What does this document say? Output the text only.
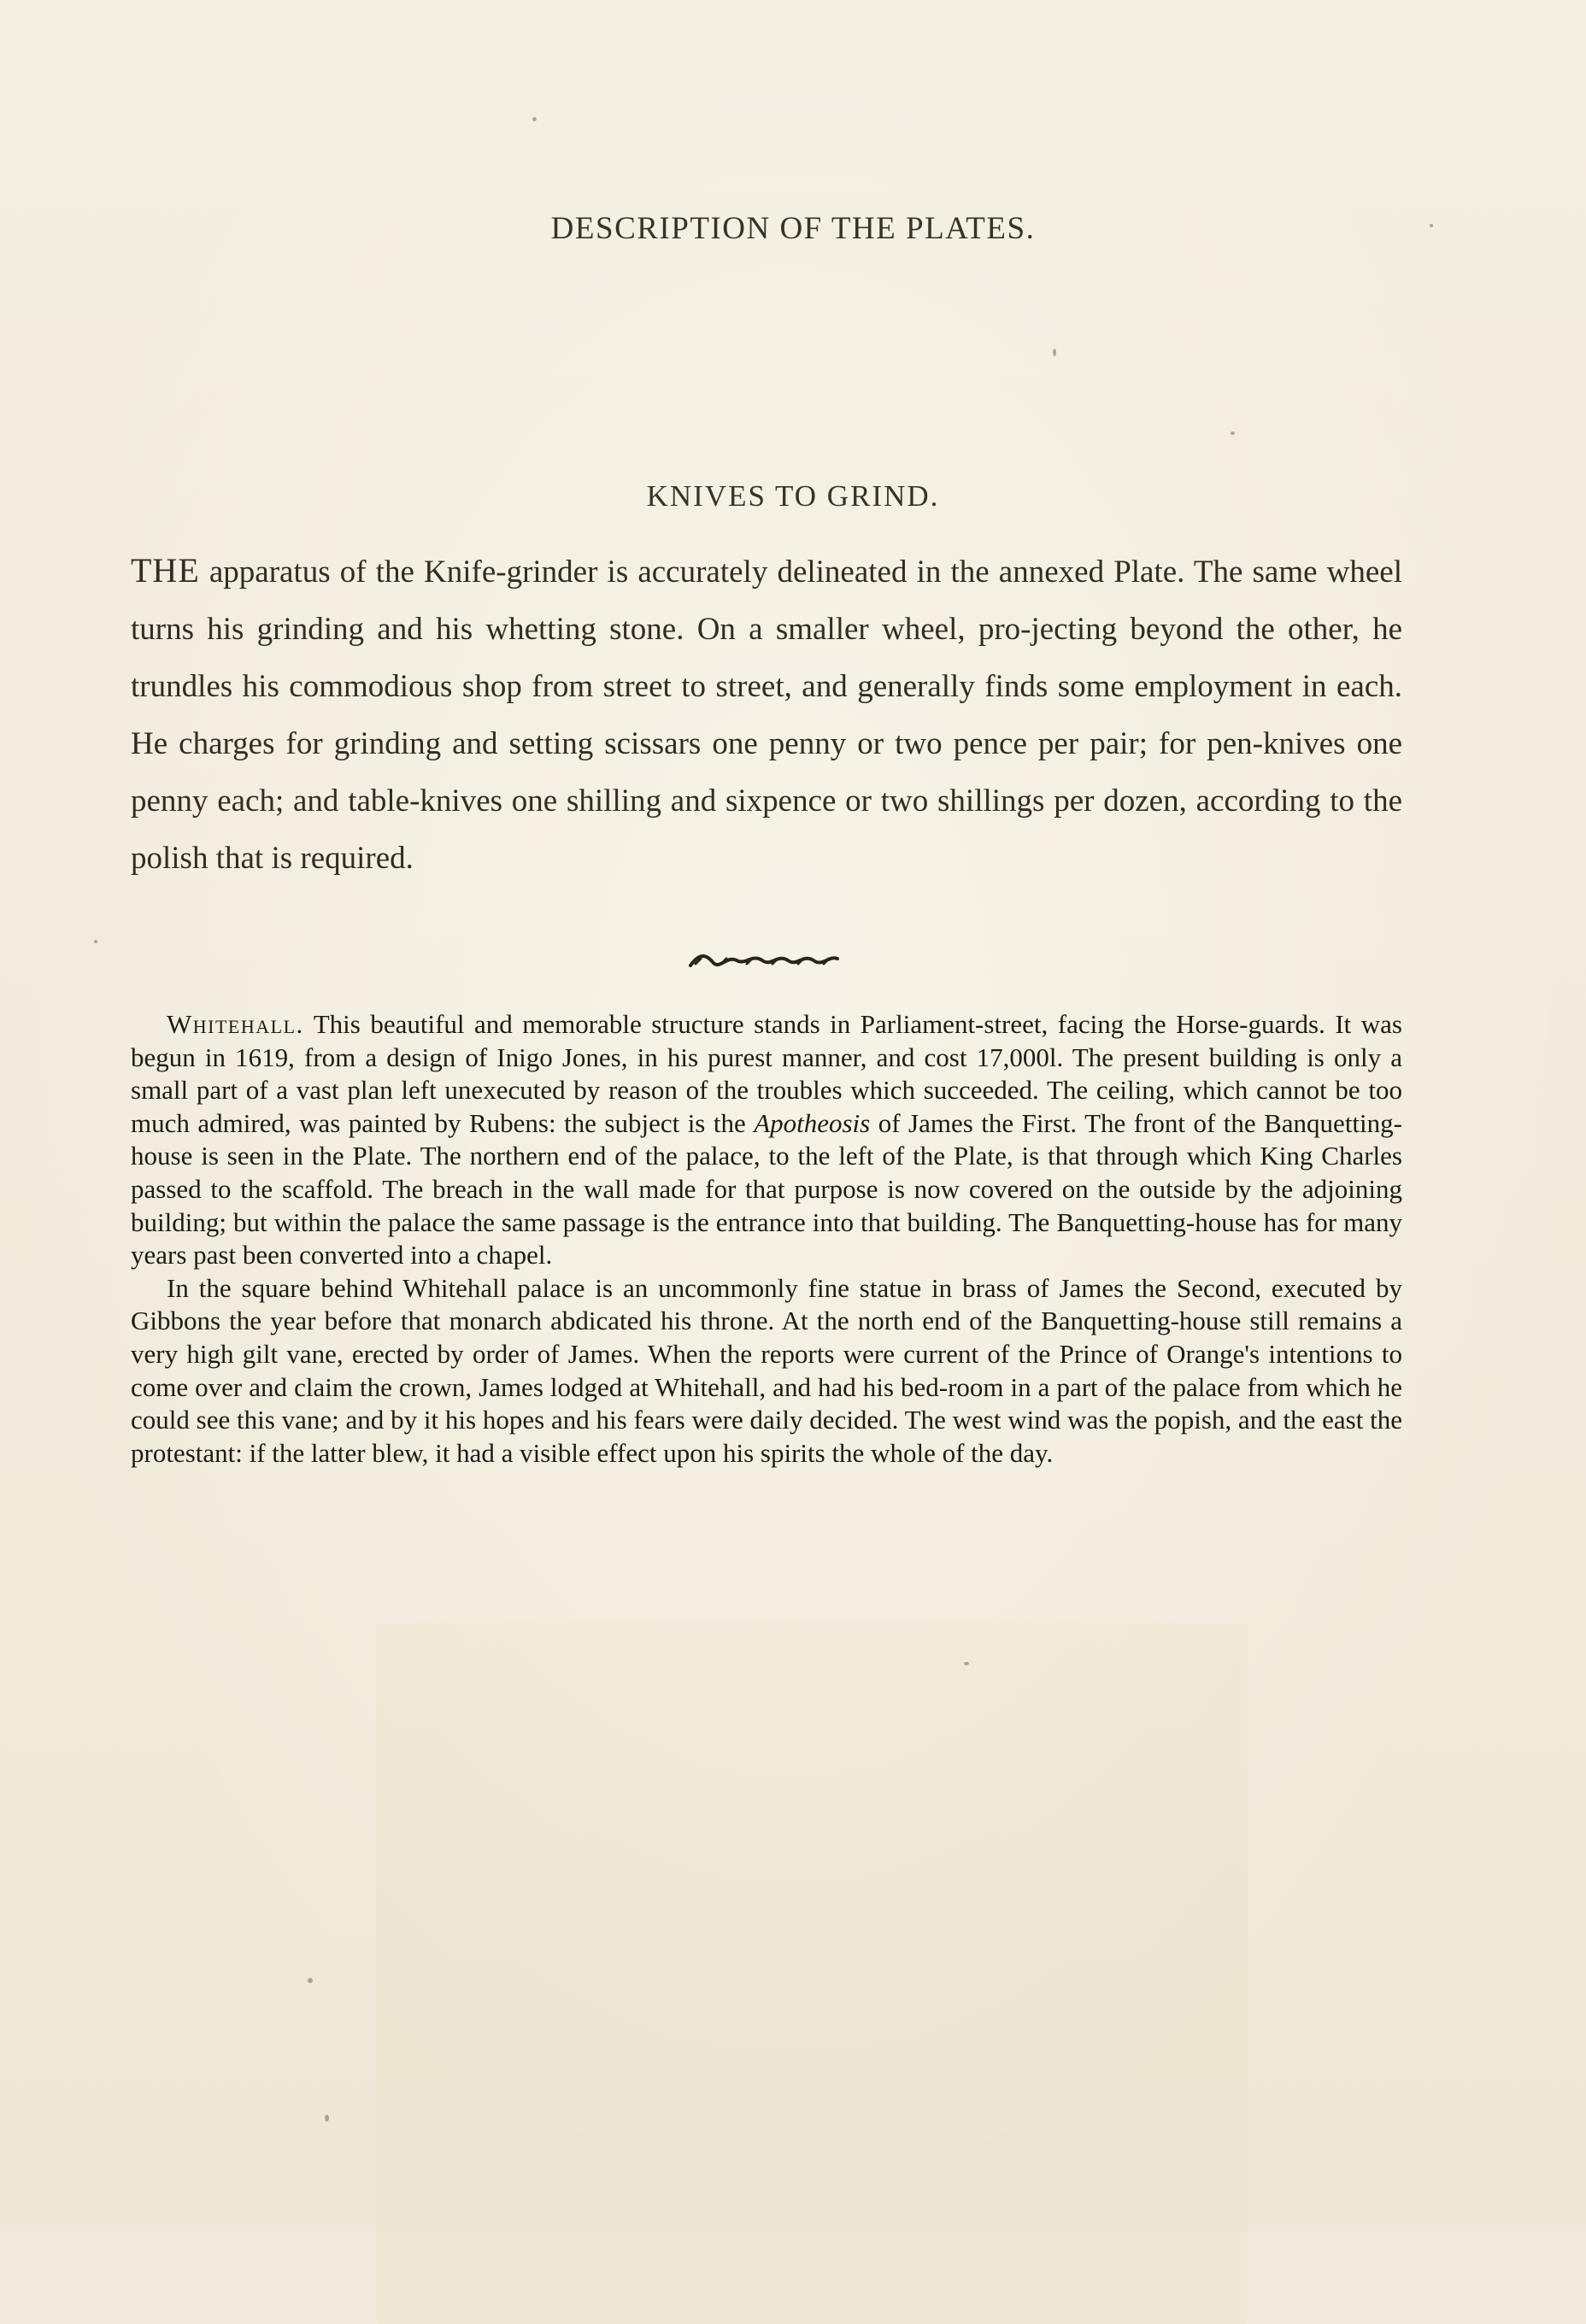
DESCRIPTION OF THE PLATES.
KNIVES TO GRIND.
THE apparatus of the Knife-grinder is accurately delineated in the annexed Plate. The same wheel turns his grinding and his whetting stone. On a smaller wheel, pro-jecting beyond the other, he trundles his commodious shop from street to street, and generally finds some employment in each. He charges for grinding and setting scissars one penny or two pence per pair; for pen-knives one penny each; and table-knives one shilling and sixpence or two shillings per dozen, according to the polish that is required.

Whitehall. This beautiful and memorable structure stands in Parliament-street, facing the Horse-guards. It was begun in 1619, from a design of Inigo Jones, in his purest manner, and cost 17,000l. The present building is only a small part of a vast plan left unexecuted by reason of the troubles which succeeded. The ceiling, which cannot be too much admired, was painted by Rubens: the subject is the Apotheosis of James the First. The front of the Banquetting-house is seen in the Plate. The northern end of the palace, to the left of the Plate, is that through which King Charles passed to the scaffold. The breach in the wall made for that purpose is now covered on the outside by the adjoining building; but within the palace the same passage is the entrance into that building. The Banquetting-house has for many years past been converted into a chapel.

In the square behind Whitehall palace is an uncommonly fine statue in brass of James the Second, executed by Gibbons the year before that monarch abdicated his throne. At the north end of the Banquetting-house still remains a very high gilt vane, erected by order of James. When the reports were current of the Prince of Orange's intentions to come over and claim the crown, James lodged at Whitehall, and had his bed-room in a part of the palace from which he could see this vane; and by it his hopes and his fears were daily decided. The west wind was the popish, and the east the protestant: if the latter blew, it had a visible effect upon his spirits the whole of the day.
